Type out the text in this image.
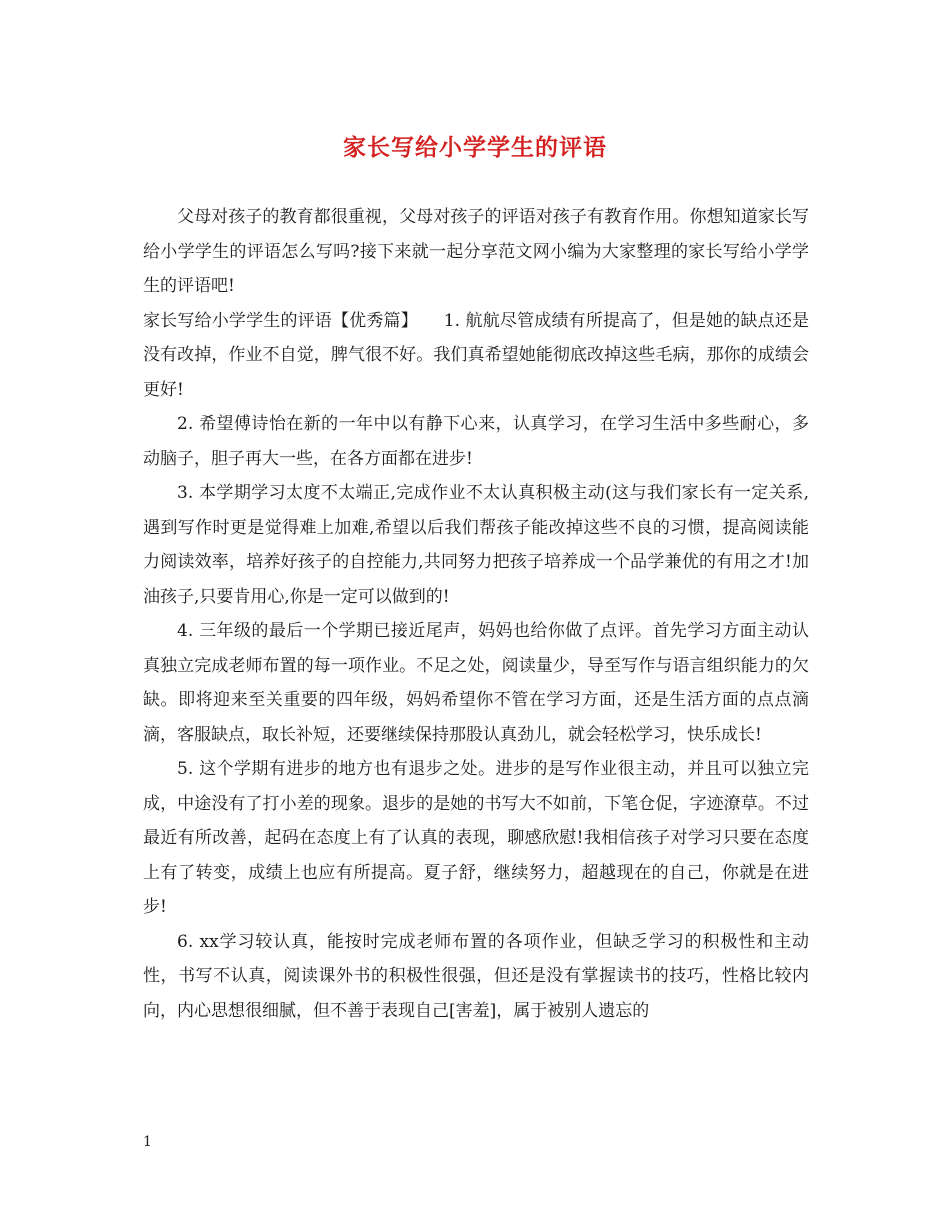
家长写给小学学生的评语

父母对孩子的教育都很重视，父母对孩子的评语对孩子有教育作用。你想知道家长写给小学学生的评语怎么写吗?接下来就一起分享范文网小编为大家整理的家长写给小学学生的评语吧!

家长写给小学学生的评语【优秀篇】　　1. 航航尽管成绩有所提高了，但是她的缺点还是没有改掉，作业不自觉，脾气很不好。我们真希望她能彻底改掉这些毛病，那你的成绩会更好!

2. 希望傅诗怡在新的一年中以有静下心来，认真学习，在学习生活中多些耐心，多动脑子，胆子再大一些，在各方面都在进步!

3. 本学期学习太度不太端正,完成作业不太认真积极主动(这与我们家长有一定关系,遇到写作时更是觉得难上加难,希望以后我们帮孩子能改掉这些不良的习惯，提高阅读能力阅读效率，培养好孩子的自控能力,共同努力把孩子培养成一个品学兼优的有用之才!加油孩子,只要肯用心,你是一定可以做到的!

4. 三年级的最后一个学期已接近尾声，妈妈也给你做了点评。首先学习方面主动认真独立完成老师布置的每一项作业。不足之处，阅读量少，导至写作与语言组织能力的欠缺。即将迎来至关重要的四年级，妈妈希望你不管在学习方面，还是生活方面的点点滴滴，客服缺点，取长补短，还要继续保持那股认真劲儿，就会轻松学习，快乐成长!

5. 这个学期有进步的地方也有退步之处。进步的是写作业很主动，并且可以独立完成，中途没有了打小差的现象。退步的是她的书写大不如前，下笔仓促，字迹潦草。不过最近有所改善，起码在态度上有了认真的表现，聊感欣慰!我相信孩子对学习只要在态度上有了转变，成绩上也应有所提高。夏子舒，继续努力，超越现在的自己，你就是在进步!

6. xx学习较认真，能按时完成老师布置的各项作业，但缺乏学习的积极性和主动性，书写不认真，阅读课外书的积极性很强，但还是没有掌握读书的技巧，性格比较内向，内心思想很细腻，但不善于表现自己[害羞]，属于被别人遗忘的

1
